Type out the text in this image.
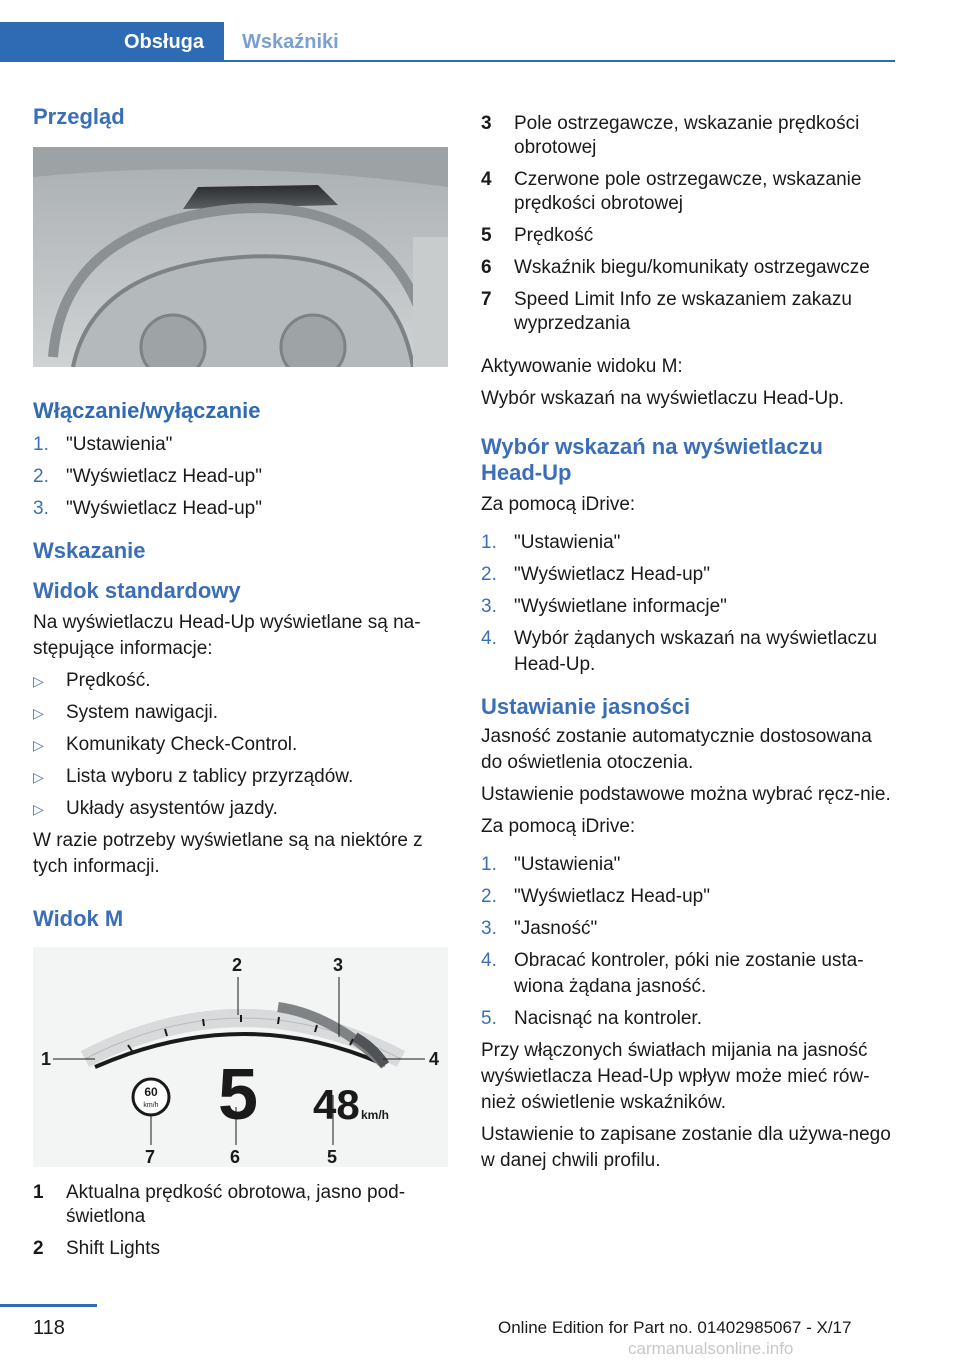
Obsługa	Wskaźniki
Przegląd
Włączanie/wyłączanie
1. "Ustawienia"
2. "Wyświetlacz Head-up"
3. "Wyświetlacz Head-up"
Wskazanie
Widok standardowy

Na wyświetlaczu Head-Up wyświetlane są na-stępujące informacje:

▷ Prędkość.
▷ System nawigacji.
▷ Komunikaty Check-Control.
▷ Lista wyboru z tablicy przyrządów.
▷ Układy asystentów jazdy.

W razie potrzeby wyświetlane są na niektóre z tych informacji.

Widok M
1
2	3
4
5
6
7
60
km/h 5 48 km/h
1 Aktualna prędkość obrotowa, jasno pod-świetlona
2 Shift Lights
3 Pole ostrzegawcze, wskazanie prędkości obrotowej
4 Czerwone pole ostrzegawcze, wskazanie prędkości obrotowej
5 Prędkość
6 Wskaźnik biegu/komunikaty ostrzegawcze
7 Speed Limit Info ze wskazaniem zakazu wyprzedzania

Aktywowanie widoku M:

Wybór wskazań na wyświetlaczu Head-Up.

Wybór wskazań na wyświetlaczu Head-Up

Za pomocą iDrive:

1. "Ustawienia"
2. "Wyświetlacz Head-up"
3. "Wyświetlane informacje"
4. Wybór żądanych wskazań na wyświetlaczu Head-Up.
Ustawianie jasności

Jasność zostanie automatycznie dostosowana do oświetlenia otoczenia.

Ustawienie podstawowe można wybrać ręcz-nie.

Za pomocą iDrive:

1. "Ustawienia"
2. "Wyświetlacz Head-up"
3. "Jasność"
4. Obracać kontroler, póki nie zostanie usta-wiona żądana jasność.
5. Nacisnąć na kontroler.

Przy włączonych światłach mijania na jasność wyświetlacza Head-Up wpływ może mieć rów-nież oświetlenie wskaźników.

Ustawienie to zapisane zostanie dla używa-nego w danej chwili profilu.

118	Online Edition for Part no. 01402985067 - X/17
carmanualsonline.info
